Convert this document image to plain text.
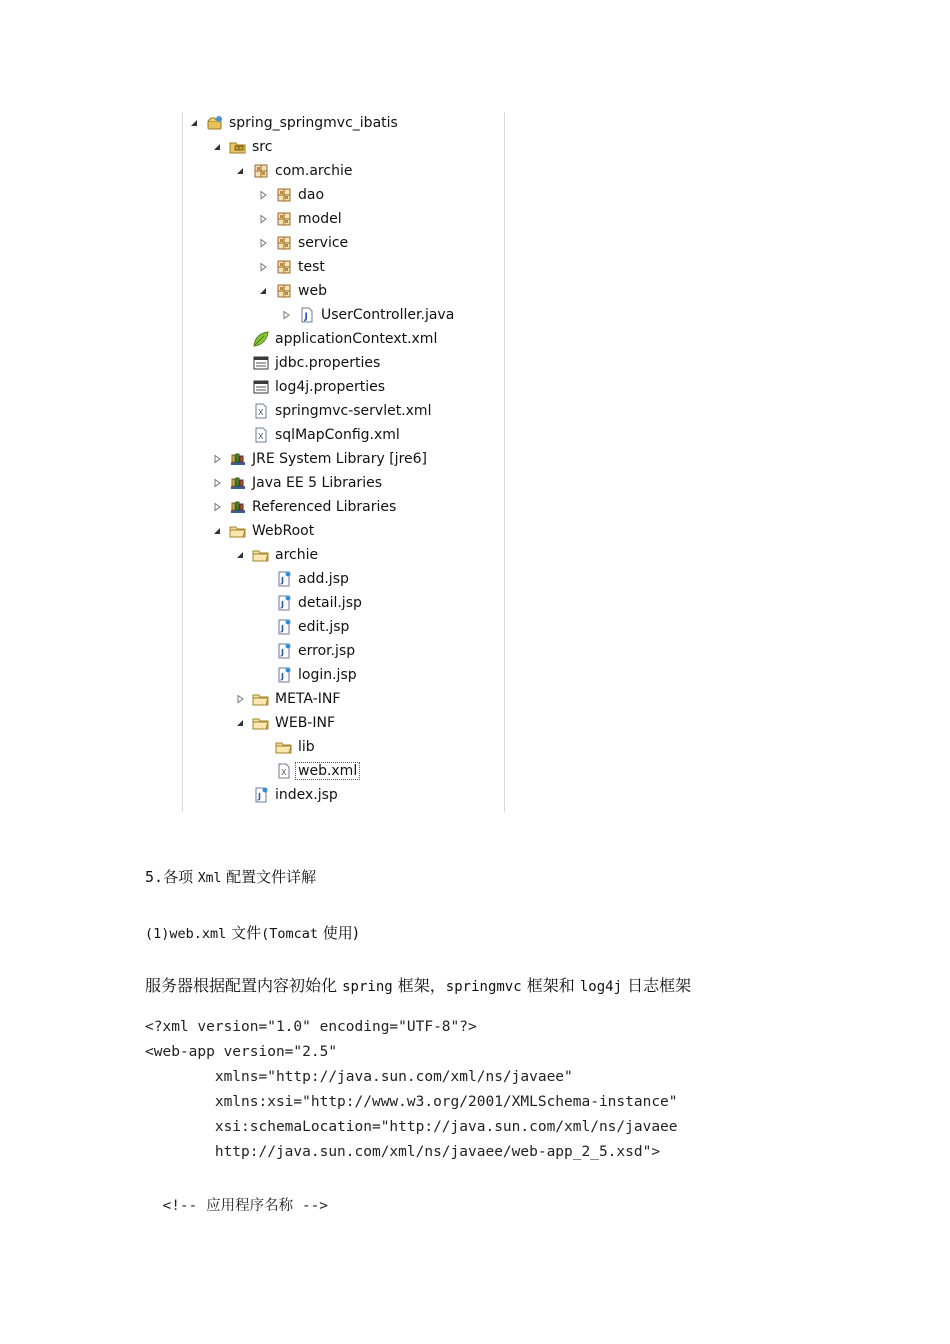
spring_springmvc_ibatis
src
com.archie
dao
model
service
test
web
J UserController.java
applicationContext.xml
jdbc.properties
log4j.properties
X springmvc-servlet.xml
X sqlMapConfig.xml
JRE System Library [jre6]
Java EE 5 Libraries
Referenced Libraries
WebRoot
archie
J add.jsp
J detail.jsp
J edit.jsp
J error.jsp
J login.jsp
META-INF
WEB-INF
lib
X web.xml
J index.jsp
5.各项 Xml 配置文件详解
(1)web.xml 文件(Tomcat 使用)
服务器根据配置内容初始化 spring 框架，springmvc 框架和 log4j 日志框架
<?xml version="1.0" encoding="UTF-8"?>
<web-app version="2.5"
xmlns="http://java.sun.com/xml/ns/javaee"
xmlns:xsi="http://www.w3.org/2001/XMLSchema-instance"
xsi:schemaLocation="http://java.sun.com/xml/ns/javaee
http://java.sun.com/xml/ns/javaee/web-app_2_5.xsd">
<!-- 应用程序名称 -->
